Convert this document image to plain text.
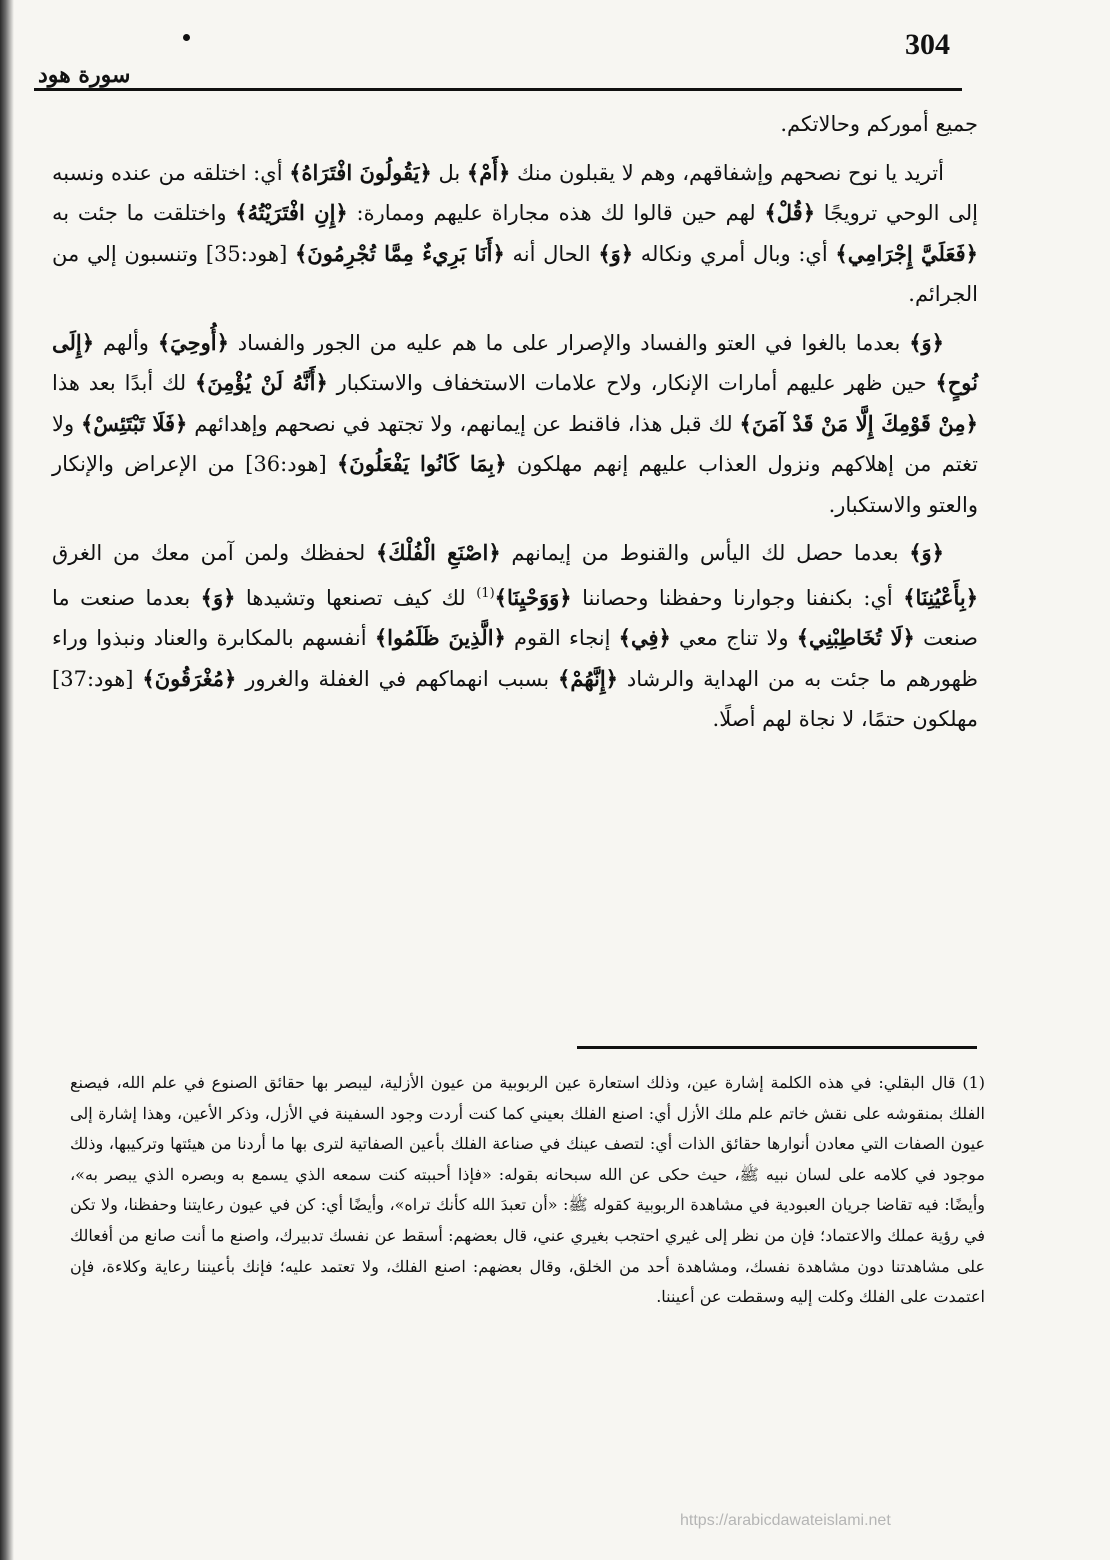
304
سورة هود

جميع أموركم وحالاتكم.

أتريد يا نوح نصحهم وإشفاقهم، وهم لا يقبلون منك ﴿أَمْ﴾ بل ﴿يَقُولُونَ افْتَرَاهُ﴾ أي: اختلقه من عنده ونسبه إلى الوحي ترويجًا ﴿قُلْ﴾ لهم حين قالوا لك هذه مجاراة عليهم وممارة: ﴿إِنِ افْتَرَيْتُهُ﴾ واختلقت ما جئت به ﴿فَعَلَيَّ إِجْرَامِي﴾ أي: وبال أمري ونكاله ﴿وَ﴾ الحال أنه ﴿أَنَا بَرِيءٌ مِمَّا تُجْرِمُونَ﴾ [هود:35] وتنسبون إلي من الجرائم.

﴿وَ﴾ بعدما بالغوا في العتو والفساد والإصرار على ما هم عليه من الجور والفساد ﴿أُوحِيَ﴾ وألهم ﴿إِلَى نُوحٍ﴾ حين ظهر عليهم أمارات الإنكار، ولاح علامات الاستخفاف والاستكبار ﴿أَنَّهُ لَنْ يُؤْمِنَ﴾ لك أبدًا بعد هذا ﴿مِنْ قَوْمِكَ إِلَّا مَنْ قَدْ آمَنَ﴾ لك قبل هذا، فاقنط عن إيمانهم، ولا تجتهد في نصحهم وإهدائهم ﴿فَلَا تَبْتَئِسْ﴾ ولا تغتم من إهلاكهم ونزول العذاب عليهم إنهم مهلكون ﴿بِمَا كَانُوا يَفْعَلُونَ﴾ [هود:36] من الإعراض والإنكار والعتو والاستكبار.

﴿وَ﴾ بعدما حصل لك اليأس والقنوط من إيمانهم ﴿اصْنَعِ الْفُلْكَ﴾ لحفظك ولمن آمن معك من الغرق ﴿بِأَعْيُنِنَا﴾ أي: بكنفنا وجوارنا وحفظنا وحصاننا ﴿وَوَحْيِنَا﴾$^{(1)}$ لك كيف تصنعها وتشيدها ﴿وَ﴾ بعدما صنعت ما صنعت ﴿لَا تُخَاطِبْنِي﴾ ولا تناج معي ﴿فِي﴾ إنجاء القوم ﴿الَّذِينَ ظَلَمُوا﴾ أنفسهم بالمكابرة والعناد ونبذوا وراء ظهورهم ما جئت به من الهداية والرشاد ﴿إِنَّهُمْ﴾ بسبب انهماكهم في الغفلة والغرور ﴿مُغْرَقُونَ﴾ [هود:37] مهلكون حتمًا، لا نجاة لهم أصلًا.

(1) قال البقلي: في هذه الكلمة إشارة عين، وذلك استعارة عين الربوبية من عيون الأزلية، ليبصر بها حقائق الصنوع في علم الله، فيصنع الفلك بمنقوشه على نقش خاتم علم ملك الأزل أي: اصنع الفلك بعيني كما كنت أردت وجود السفينة في الأزل، وذكر الأعين، وهذا إشارة إلى عيون الصفات التي معادن أنوارها حقائق الذات أي: لتصف عينك في صناعة الفلك بأعين الصفاتية لترى بها ما أردنا من هيئتها وتركيبها، وذلك موجود في كلامه على لسان نبيه ﷺ، حيث حكى عن الله سبحانه بقوله: «فإذا أحببته كنت سمعه الذي يسمع به وبصره الذي يبصر به»، وأيضًا: فيه تقاضا جريان العبودية في مشاهدة الربوبية كقوله ﷺ: «أن تعبدَ الله كأنك تراه»، وأيضًا أي: كن في عيون رعايتنا وحفظنا، ولا تكن في رؤية عملك والاعتماد؛ فإن من نظر إلى غيري احتجب بغيري عني، قال بعضهم: أسقط عن نفسك تدبيرك، واصنع ما أنت صانع من أفعالك على مشاهدتنا دون مشاهدة نفسك، ومشاهدة أحد من الخلق، وقال بعضهم: اصنع الفلك، ولا تعتمد عليه؛ فإنك بأعيننا رعاية وكلاءة، فإن اعتمدت على الفلك وكلت إليه وسقطت عن أعيننا.

https://arabicdawateislami.net
